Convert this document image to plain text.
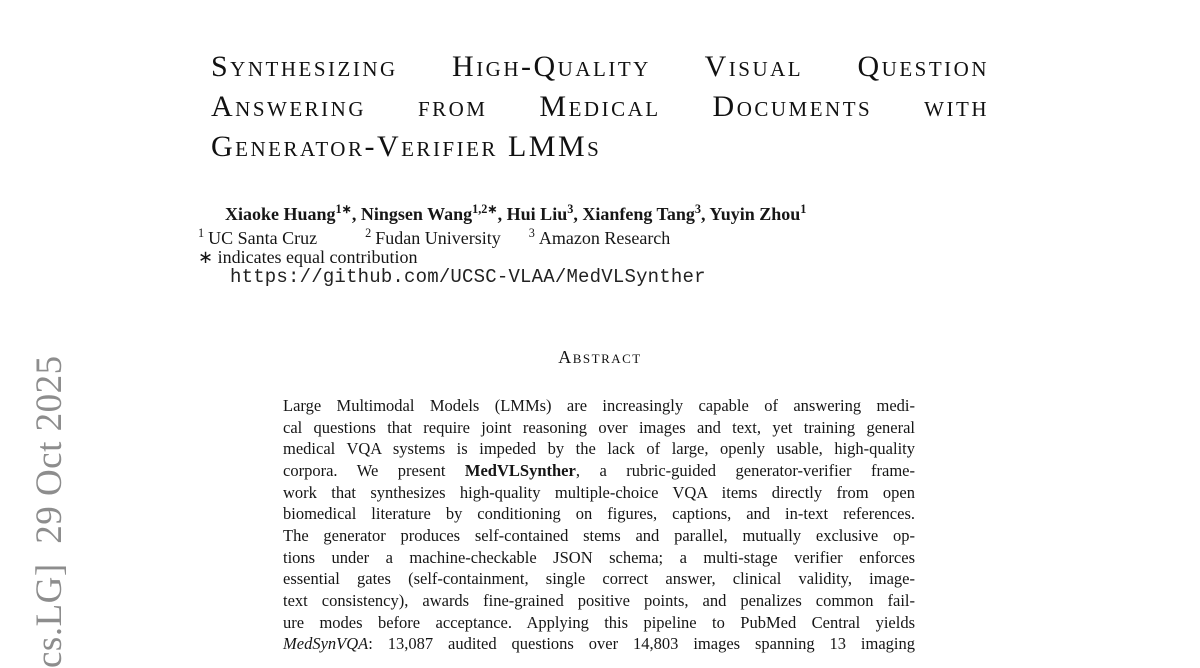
cs.LG]  29 Oct 2025
Synthesizing High-Quality Visual Question
Answering from Medical Documents with
Generator-Verifier LMMs
Xiaoke Huang$^{1∗}$, Ningsen Wang$^{1,2∗}$, Hui Liu$^3$, Xianfeng Tang$^3$, Yuyin Zhou$^1$
$^1$ UC Santa Cruz	$^2$ Fudan University $^3$ Amazon Research
∗ indicates equal contribution
https://github.com/UCSC-VLAA/MedVLSynther
Abstract
Large Multimodal Models (LMMs) are increasingly capable of answering medi-
cal questions that require joint reasoning over images and text, yet training general
medical VQA systems is impeded by the lack of large, openly usable, high-quality
corpora. We present MedVLSynther, a rubric-guided generator-verifier frame-
work that synthesizes high-quality multiple-choice VQA items directly from open
biomedical literature by conditioning on figures, captions, and in-text references.
The generator produces self-contained stems and parallel, mutually exclusive op-
tions under a machine-checkable JSON schema; a multi-stage verifier enforces
essential gates (self-containment, single correct answer, clinical validity, image-
text consistency), awards fine-grained positive points, and penalizes common fail-
ure modes before acceptance. Applying this pipeline to PubMed Central yields
MedSynVQA: 13,087 audited questions over 14,803 images spanning 13 imaging
